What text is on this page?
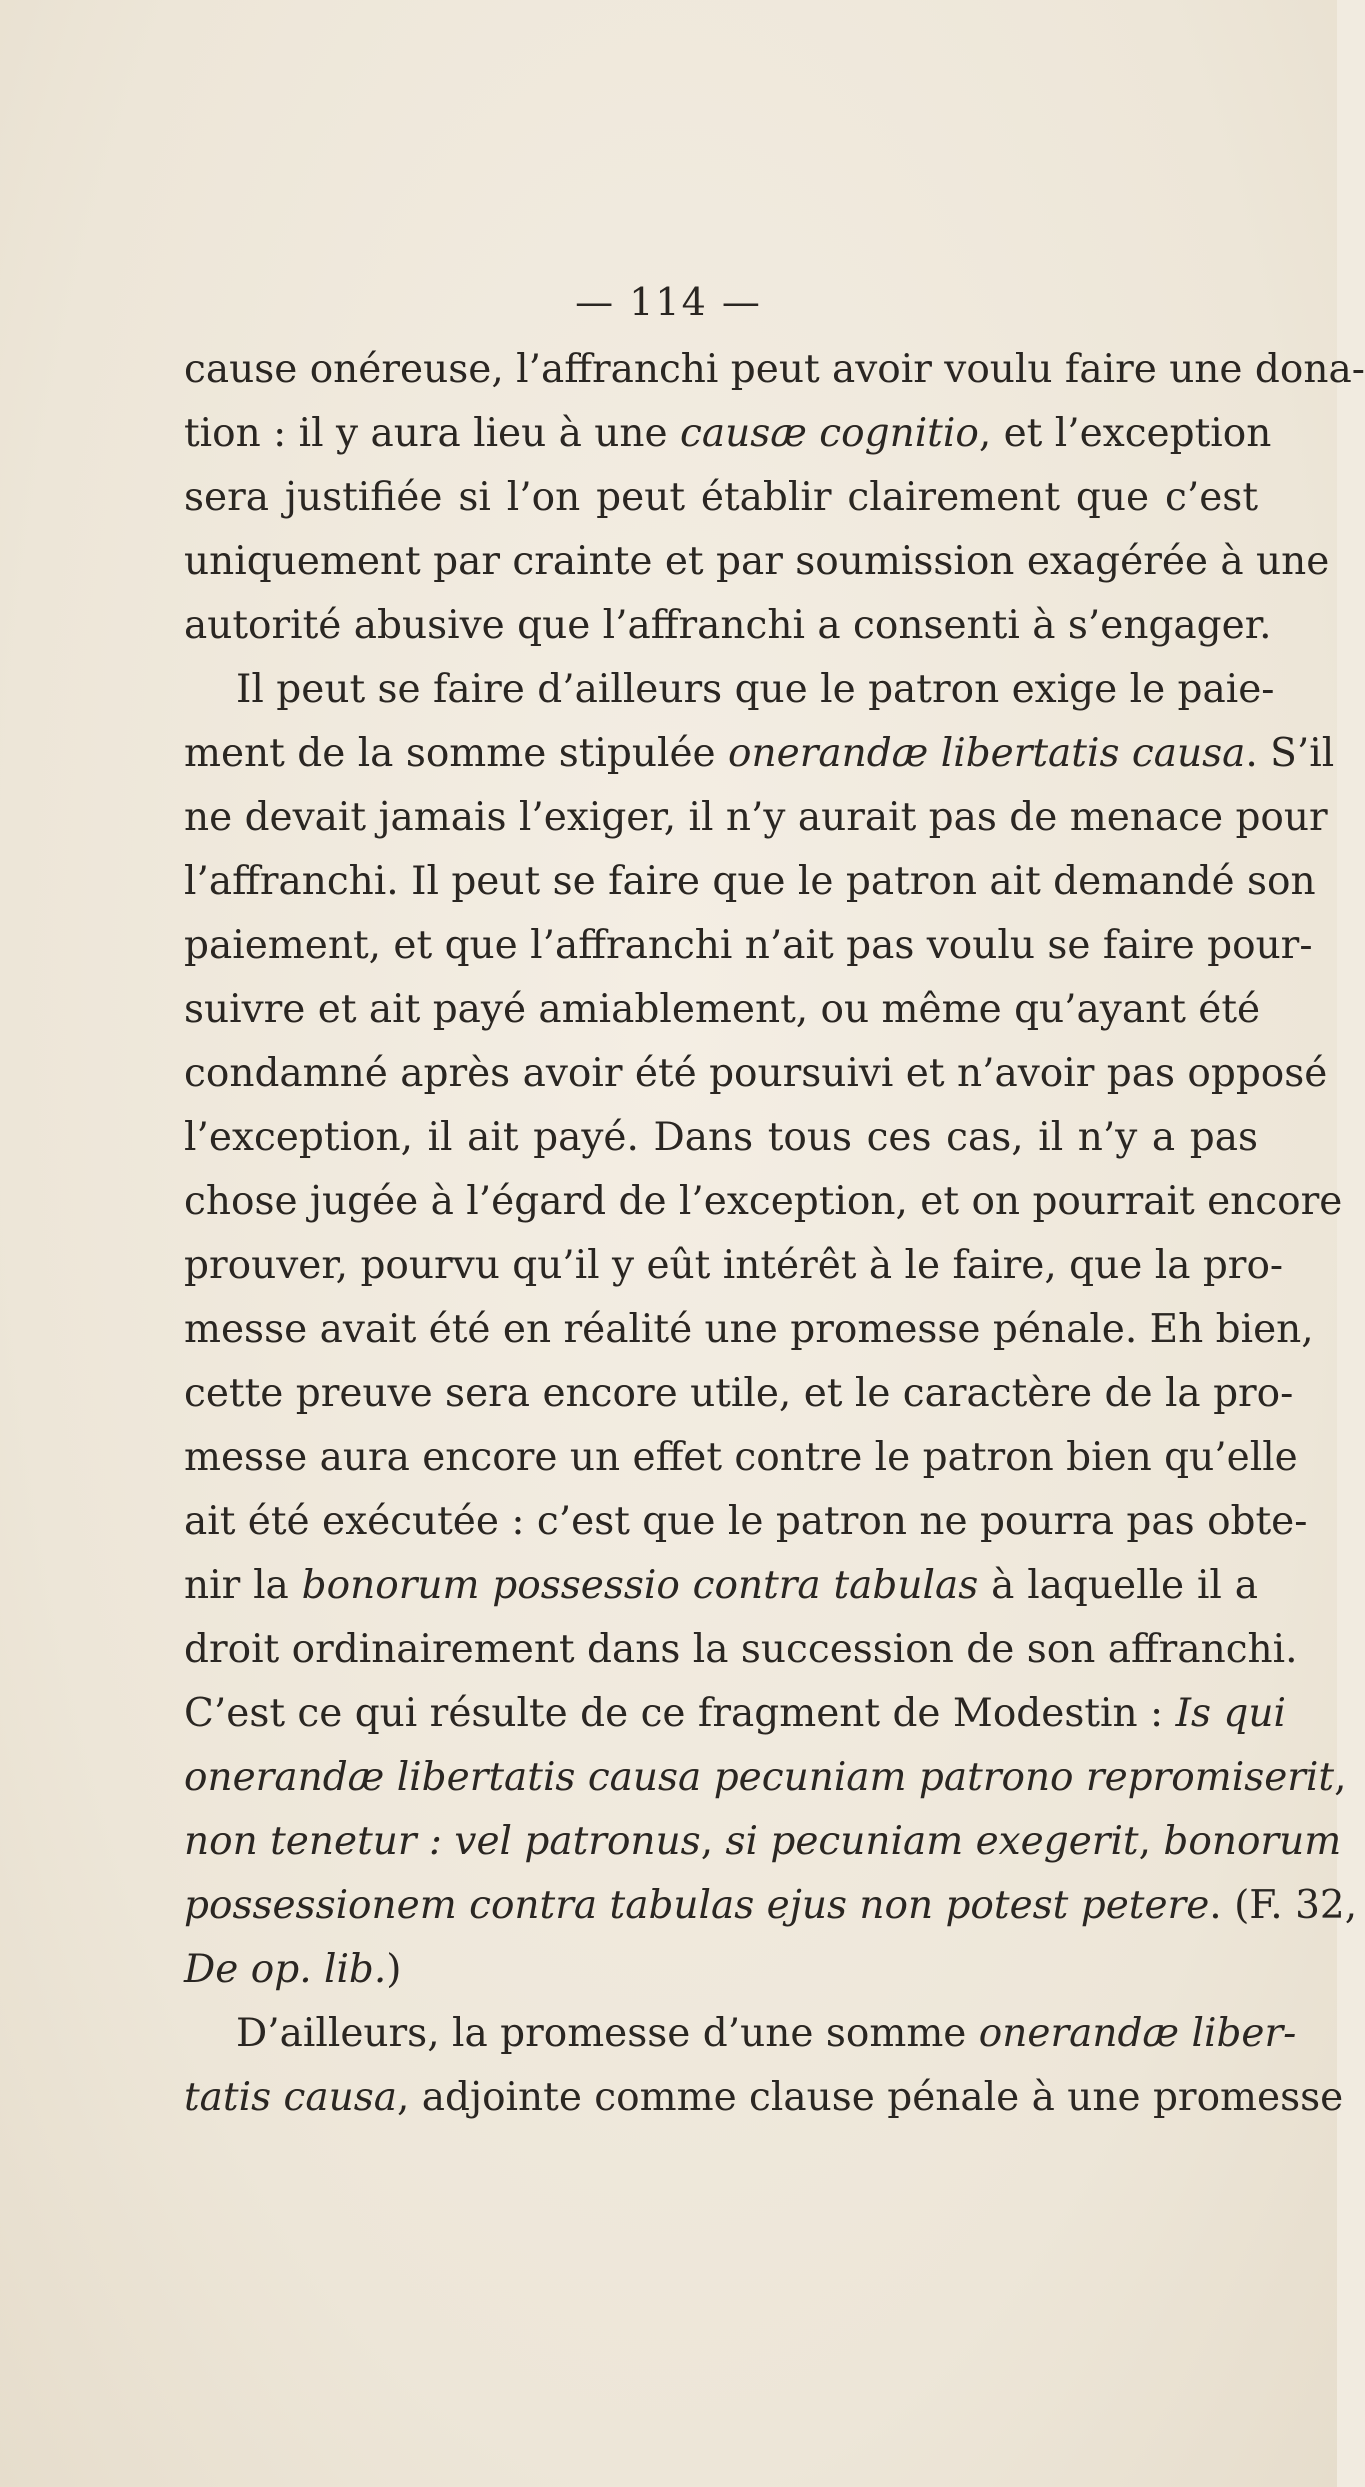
— 114 —
cause onéreuse, l’affranchi peut avoir voulu faire une dona-
tion : il y aura lieu à une causæ cognitio, et l’exception
sera justifiée si l’on peut établir clairement que c’est
uniquement par crainte et par soumission exagérée à une
autorité abusive que l’affranchi a consenti à s’engager.
Il peut se faire d’ailleurs que le patron exige le paie-
ment de la somme stipulée onerandæ libertatis causa. S’il
ne devait jamais l’exiger, il n’y aurait pas de menace pour
l’affranchi. Il peut se faire que le patron ait demandé son
paiement, et que l’affranchi n’ait pas voulu se faire pour-
suivre et ait payé amiablement, ou même qu’ayant été
condamné après avoir été poursuivi et n’avoir pas opposé
l’exception, il ait payé. Dans tous ces cas, il n’y a pas
chose jugée à l’égard de l’exception, et on pourrait encore
prouver, pourvu qu’il y eût intérêt à le faire, que la pro-
messe avait été en réalité une promesse pénale. Eh bien,
cette preuve sera encore utile, et le caractère de la pro-
messe aura encore un effet contre le patron bien qu’elle
ait été exécutée : c’est que le patron ne pourra pas obte-
nir la bonorum possessio contra tabulas à laquelle il a
droit ordinairement dans la succession de son affranchi.
C’est ce qui résulte de ce fragment de Modestin : Is qui
onerandæ libertatis causa pecuniam patrono repromiserit,
non tenetur : vel patronus, si pecuniam exegerit, bonorum
possessionem contra tabulas ejus non potest petere. (F. 32,
De op. lib.)
D’ailleurs, la promesse d’une somme onerandæ liber-
tatis causa, adjointe comme clause pénale à une promesse
